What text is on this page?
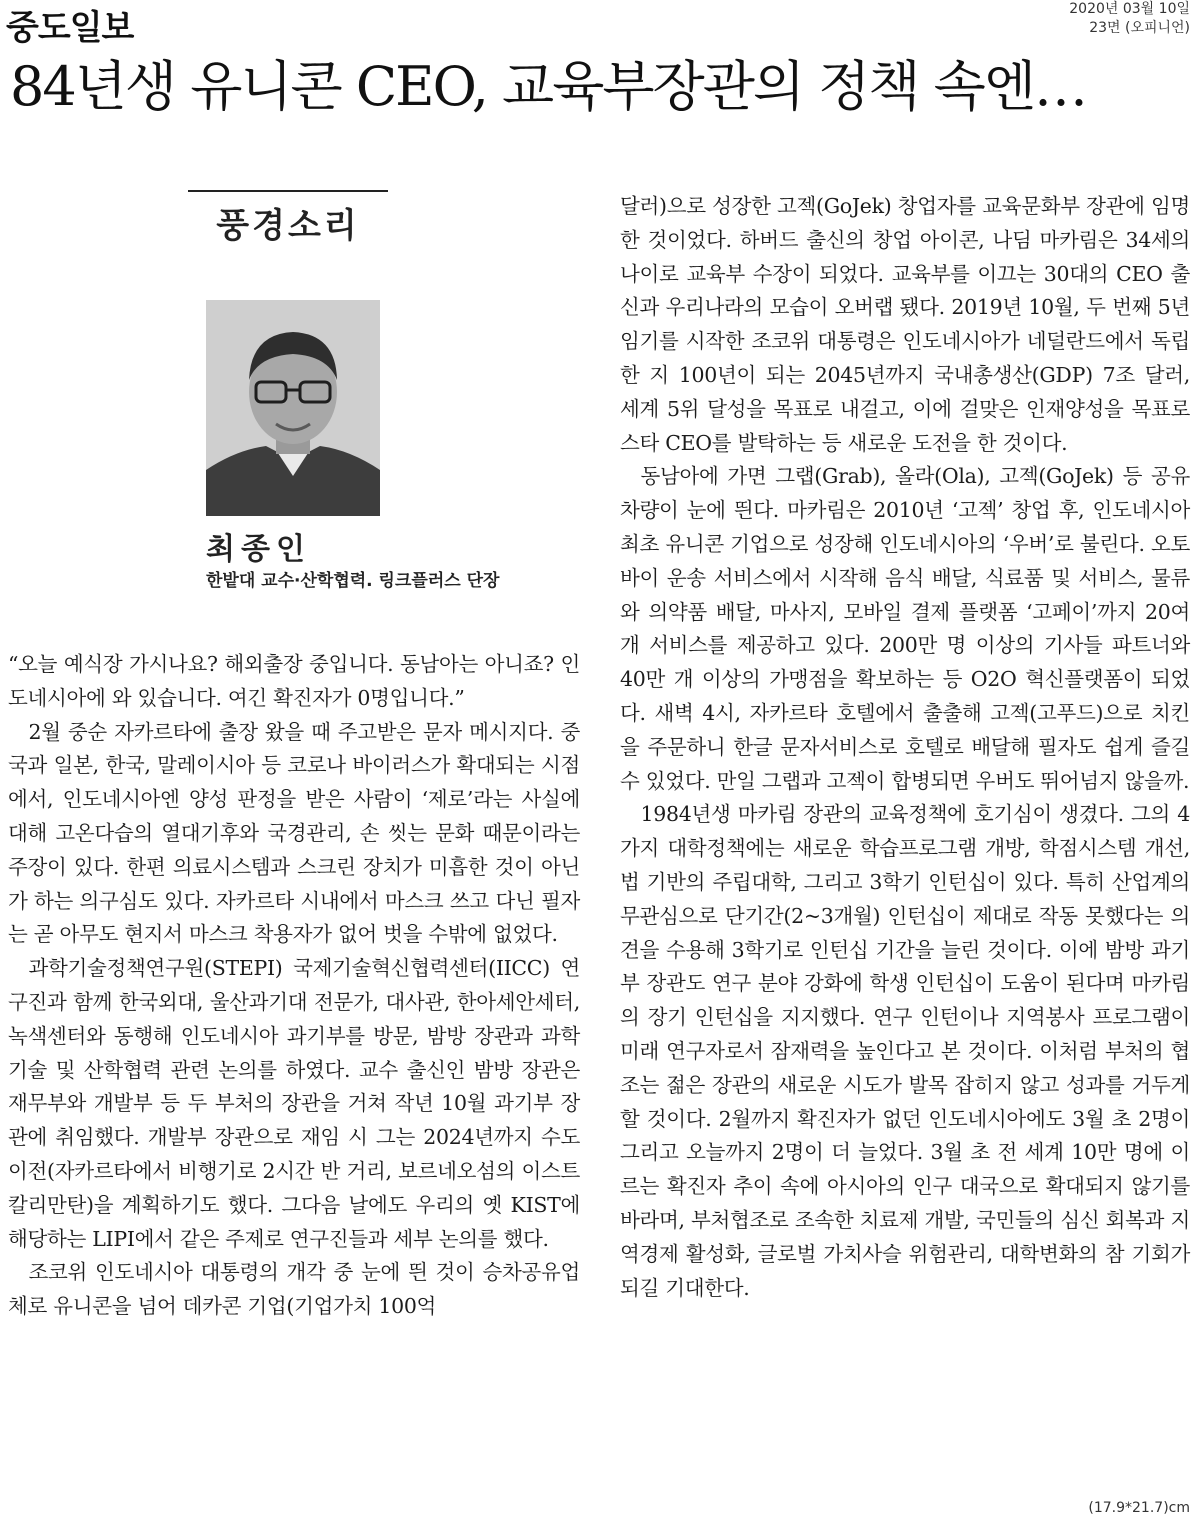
중도일보	2020년 03월 10일
23면 (오피니언)
84년생 유니콘 CEO, 교육부장관의 정책 속엔…
풍경소리
최종인
한밭대 교수·산학협력. 링크플러스 단장

“오늘 예식장 가시나요? 해외출장 중입니다. 동남아는 아니죠? 인도네시아에 와 있습니다. 여긴 확진자가 0명입니다.”

2월 중순 자카르타에 출장 왔을 때 주고받은 문자 메시지다. 중국과 일본, 한국, 말레이시아 등 코로나 바이러스가 확대되는 시점에서, 인도네시아엔 양성 판정을 받은 사람이 ‘제로’라는 사실에 대해 고온다습의 열대기후와 국경관리, 손 씻는 문화 때문이라는 주장이 있다. 한편 의료시스템과 스크린 장치가 미흡한 것이 아닌가 하는 의구심도 있다. 자카르타 시내에서 마스크 쓰고 다닌 필자는 곧 아무도 현지서 마스크 착용자가 없어 벗을 수밖에 없었다.

과학기술정책연구원(STEPI) 국제기술혁신협력센터(IICC) 연구진과 함께 한국외대, 울산과기대 전문가, 대사관, 한아세안세터, 녹색센터와 동행해 인도네시아 과기부를 방문, 밤방 장관과 과학기술 및 산학협력 관련 논의를 하였다. 교수 출신인 밤방 장관은 재무부와 개발부 등 두 부처의 장관을 거쳐 작년 10월 과기부 장관에 취임했다. 개발부 장관으로 재임 시 그는 2024년까지 수도 이전(자카르타에서 비행기로 2시간 반 거리, 보르네오섬의 이스트 칼리만탄)을 계획하기도 했다. 그다음 날에도 우리의 옛 KIST에 해당하는 LIPI에서 같은 주제로 연구진들과 세부 논의를 했다.

조코위 인도네시아 대통령의 개각 중 눈에 띈 것이 승차공유업체로 유니콘을 넘어 데카콘 기업(기업가치 100억

달러)으로 성장한 고젝(GoJek) 창업자를 교육문화부 장관에 임명한 것이었다. 하버드 출신의 창업 아이콘, 나딤 마카림은 34세의 나이로 교육부 수장이 되었다. 교육부를 이끄는 30대의 CEO 출신과 우리나라의 모습이 오버랩 됐다. 2019년 10월, 두 번째 5년 임기를 시작한 조코위 대통령은 인도네시아가 네덜란드에서 독립한 지 100년이 되는 2045년까지 국내총생산(GDP) 7조 달러, 세계 5위 달성을 목표로 내걸고, 이에 걸맞은 인재양성을 목표로 스타 CEO를 발탁하는 등 새로운 도전을 한 것이다.

동남아에 가면 그랩(Grab), 올라(Ola), 고젝(GoJek) 등 공유 차량이 눈에 띈다. 마카림은 2010년 ‘고젝’ 창업 후, 인도네시아 최초 유니콘 기업으로 성장해 인도네시아의 ‘우버’로 불린다. 오토바이 운송 서비스에서 시작해 음식 배달, 식료품 및 서비스, 물류와 의약품 배달, 마사지, 모바일 결제 플랫폼 ‘고페이’까지 20여 개 서비스를 제공하고 있다. 200만 명 이상의 기사들 파트너와 40만 개 이상의 가맹점을 확보하는 등 O2O 혁신플랫폼이 되었다. 새벽 4시, 자카르타 호텔에서 출출해 고젝(고푸드)으로 치킨을 주문하니 한글 문자서비스로 호텔로 배달해 필자도 쉽게 즐길 수 있었다. 만일 그랩과 고젝이 합병되면 우버도 뛰어넘지 않을까.

1984년생 마카림 장관의 교육정책에 호기심이 생겼다. 그의 4가지 대학정책에는 새로운 학습프로그램 개방, 학점시스템 개선, 법 기반의 주립대학, 그리고 3학기 인턴십이 있다. 특히 산업계의 무관심으로 단기간(2~3개월) 인턴십이 제대로 작동 못했다는 의견을 수용해 3학기로 인턴십 기간을 늘린 것이다. 이에 밤방 과기부 장관도 연구 분야 강화에 학생 인턴십이 도움이 된다며 마카림의 장기 인턴십을 지지했다. 연구 인턴이나 지역봉사 프로그램이 미래 연구자로서 잠재력을 높인다고 본 것이다. 이처럼 부처의 협조는 젊은 장관의 새로운 시도가 발목 잡히지 않고 성과를 거두게 할 것이다. 2월까지 확진자가 없던 인도네시아에도 3월 초 2명이 그리고 오늘까지 2명이 더 늘었다. 3월 초 전 세계 10만 명에 이르는 확진자 추이 속에 아시아의 인구 대국으로 확대되지 않기를 바라며, 부처협조로 조속한 치료제 개발, 국민들의 심신 회복과 지역경제 활성화, 글로벌 가치사슬 위험관리, 대학변화의 참 기회가 되길 기대한다.

(17.9*21.7)cm
